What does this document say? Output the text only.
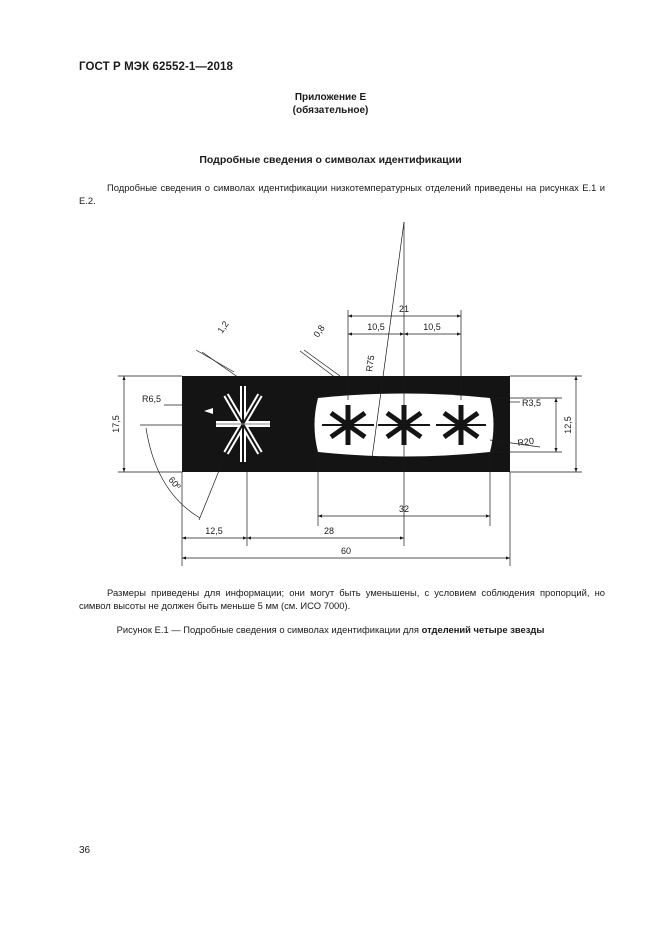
ГОСТ Р МЭК 62552-1—2018
Приложение Е
(обязательное)
Подробные сведения о символах идентификации
Подробные сведения о символах идентификации низкотемпературных отделений приведены на рисунках Е.1 и Е.2.
21
10,5	10,5
1,2	0,8
R75
R6,5	R3,5
12,5
17,5
R20
60º
32
12,5	28
60
Размеры приведены для информации; они могут быть уменьшены, с условием соблюдения пропорций, но символ высоты не должен быть меньше 5 мм (см. ИСО 7000).
Рисунок Е.1 — Подробные сведения о символах идентификации для отделений четыре звезды
36
